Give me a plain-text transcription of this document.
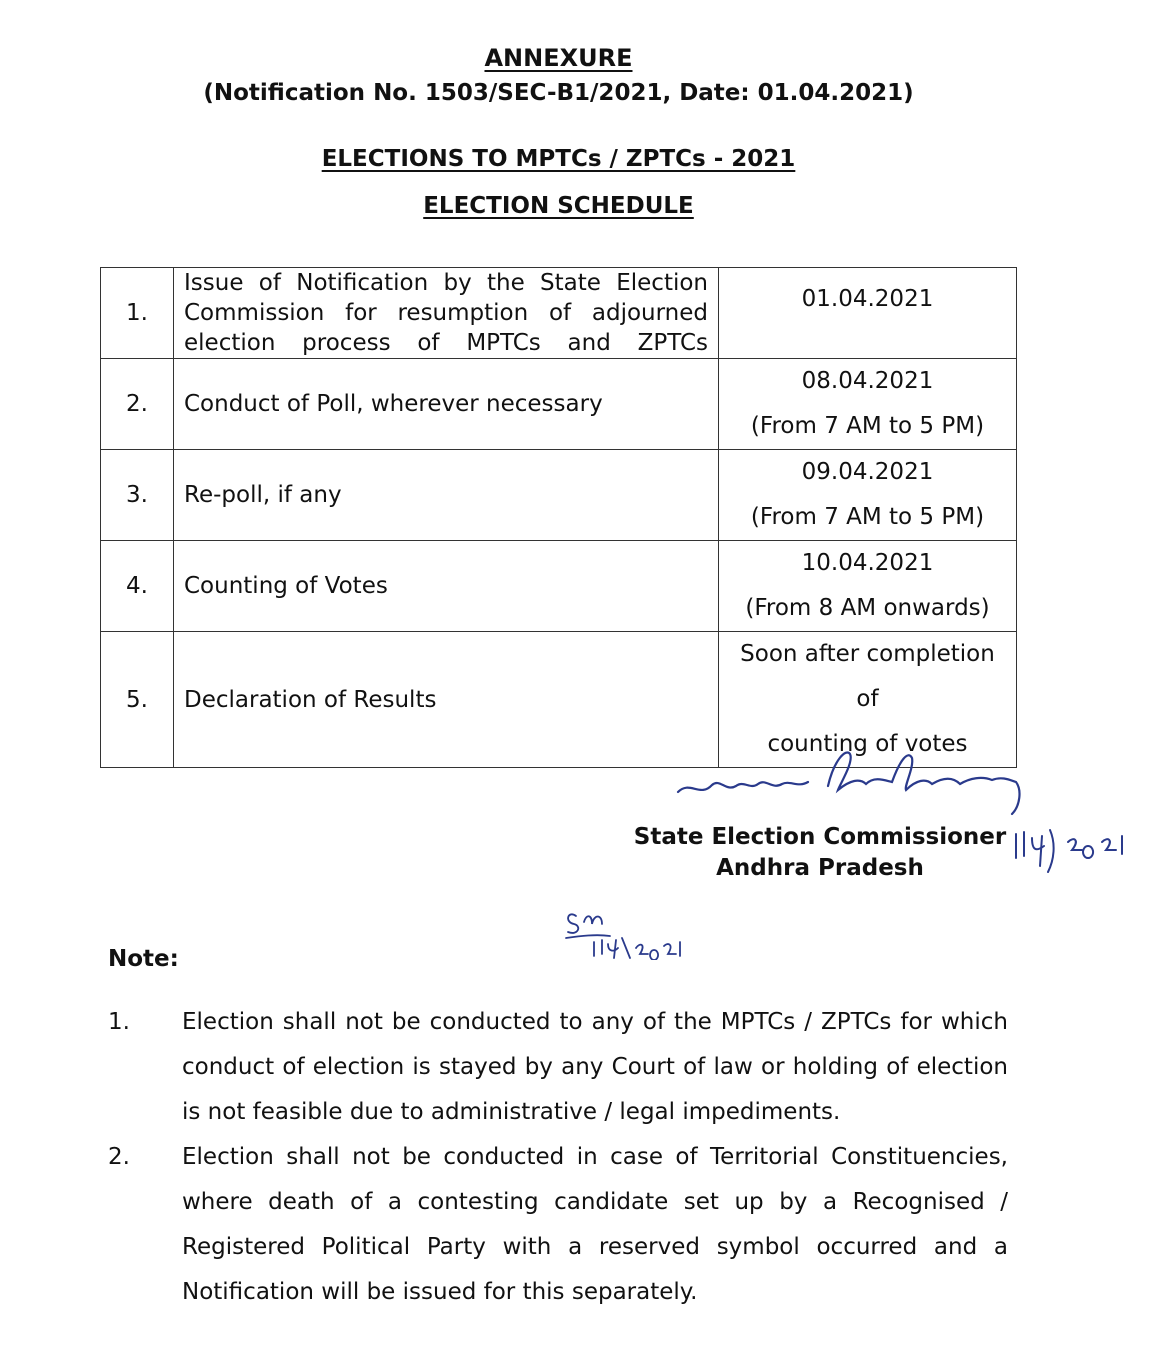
ANNEXURE
(Notification No. 1503/SEC-B1/2021, Date: 01.04.2021)
ELECTIONS TO MPTCs / ZPTCs - 2021
ELECTION SCHEDULE
1.	Issue of Notification by the State Election Commission for resumption of adjourned election process of MPTCs and ZPTCs	01.04.2021
2.	Conduct of Poll, wherever necessary	08.04.2021
(From 7 AM to 5 PM)

3.	Re-poll, if any	09.04.2021
(From 7 AM to 5 PM)

4.	Counting of Votes	10.04.2021
(From 8 AM onwards)

5.	Declaration of Results	Soon after completion of
counting of votes
State Election Commissioner
Andhra Pradesh
Note:
1. Election shall not be conducted to any of the MPTCs / ZPTCs for which conduct of election is stayed by any Court of law or holding of election is not feasible due to administrative / legal impediments.
2. Election shall not be conducted in case of Territorial Constituencies, where death of a contesting candidate set up by a Recognised / Registered Political Party with a reserved symbol occurred and a Notification will be issued for this separately.
